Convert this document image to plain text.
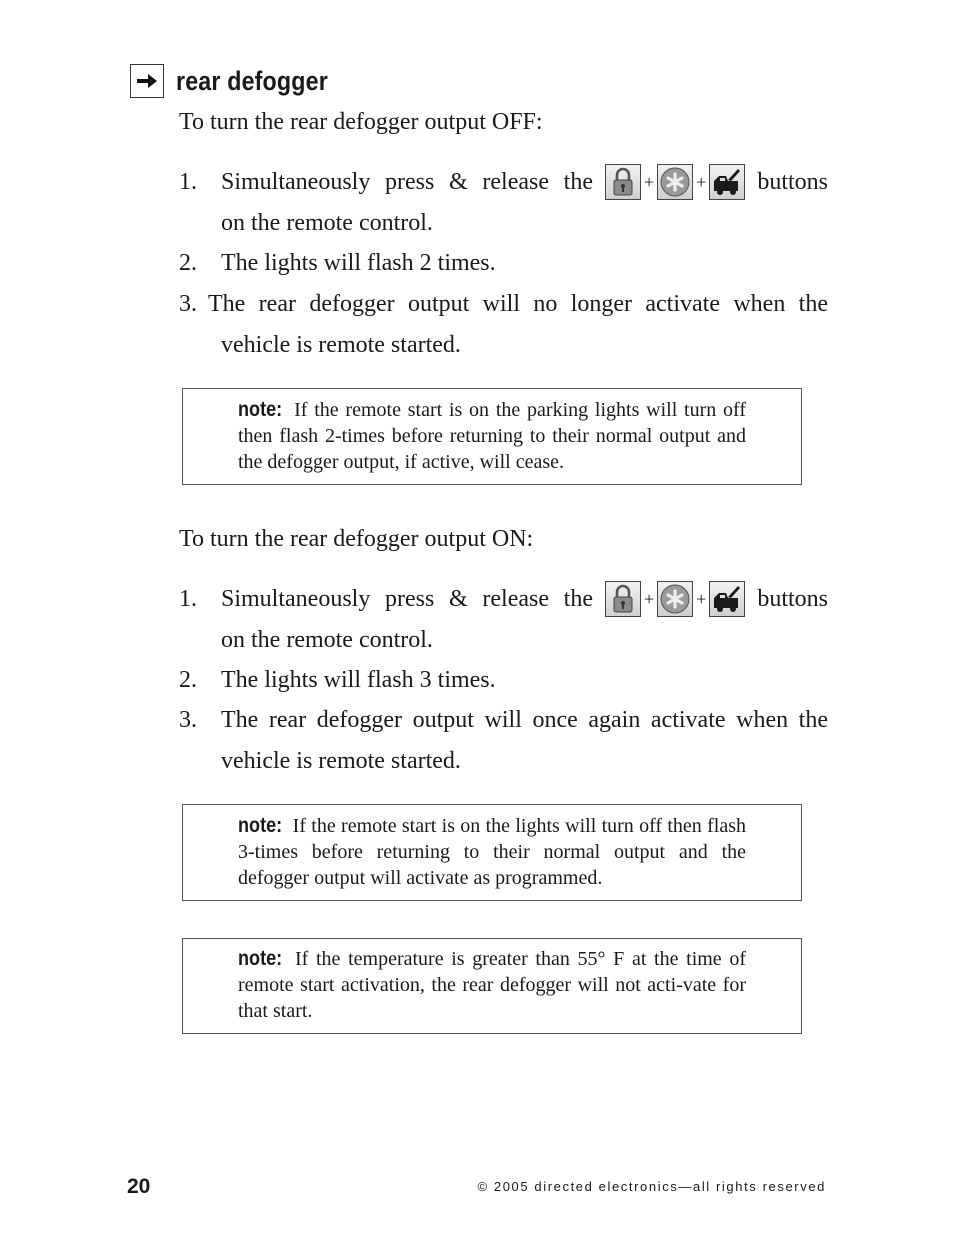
rear defogger

To turn the rear defogger output OFF:

1.	Simultaneously press & release the	+ + buttons
on the remote control.
2.	The lights will flash 2 times.
3. The rear defogger output will no longer activate when the
vehicle is remote started.
note: If the remote start is on the parking lights will turn off then flash 2-times before returning to their normal output and the defogger output, if active, will cease.

To turn the rear defogger output ON:

1.	Simultaneously press & release the	+ + buttons
on the remote control.
2.	The lights will flash 3 times.
3.	The rear defogger output will once again activate when the
vehicle is remote started.
note: If the remote start is on the lights will turn off then flash 3-times before returning to their normal output and the defogger output will activate as programmed.
note: If the temperature is greater than 55° F at the time of remote start activation, the rear defogger will not acti-vate for that start.
20	© 2005 directed electronics—all rights reserved
